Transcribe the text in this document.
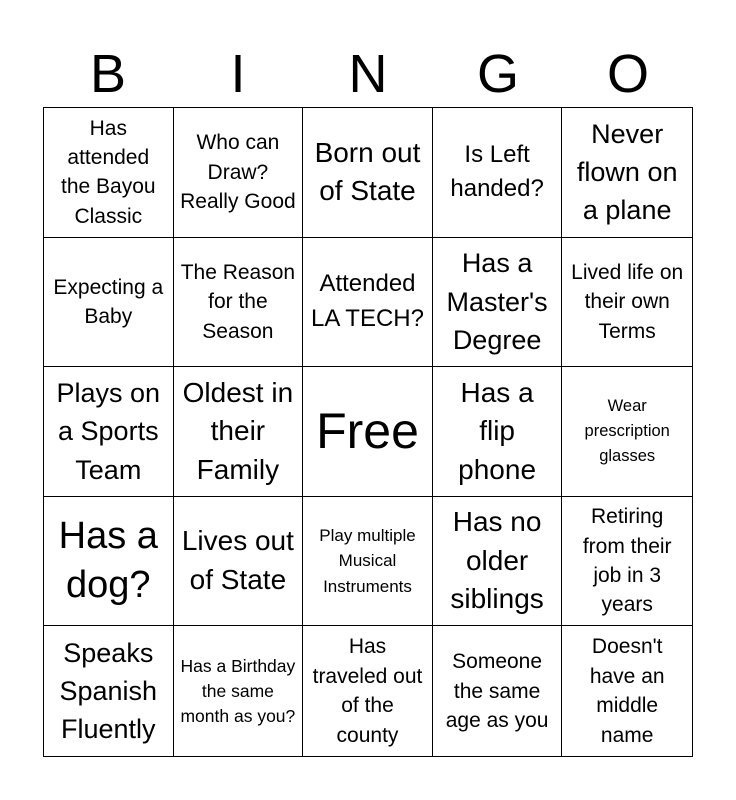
B	I	N	G	O
Has attended the Bayou Classic
Who can Draw? Really Good
Born out of State
Is Left handed?
Never flown on a plane
Expecting a Baby
The Reason for the Season
Attended LA TECH?
Has a Master's Degree
Lived life on their own Terms
Plays on a Sports Team
Oldest in their Family
Free
Has a flip phone
Wear prescription glasses
Has a dog?
Lives out of State
Play multiple Musical Instruments
Has no older siblings
Retiring from their job in 3 years
Speaks Spanish Fluently
Has a Birthday the same month as you?
Has traveled out of the county
Someone the same age as you
Doesn't have an middle name
